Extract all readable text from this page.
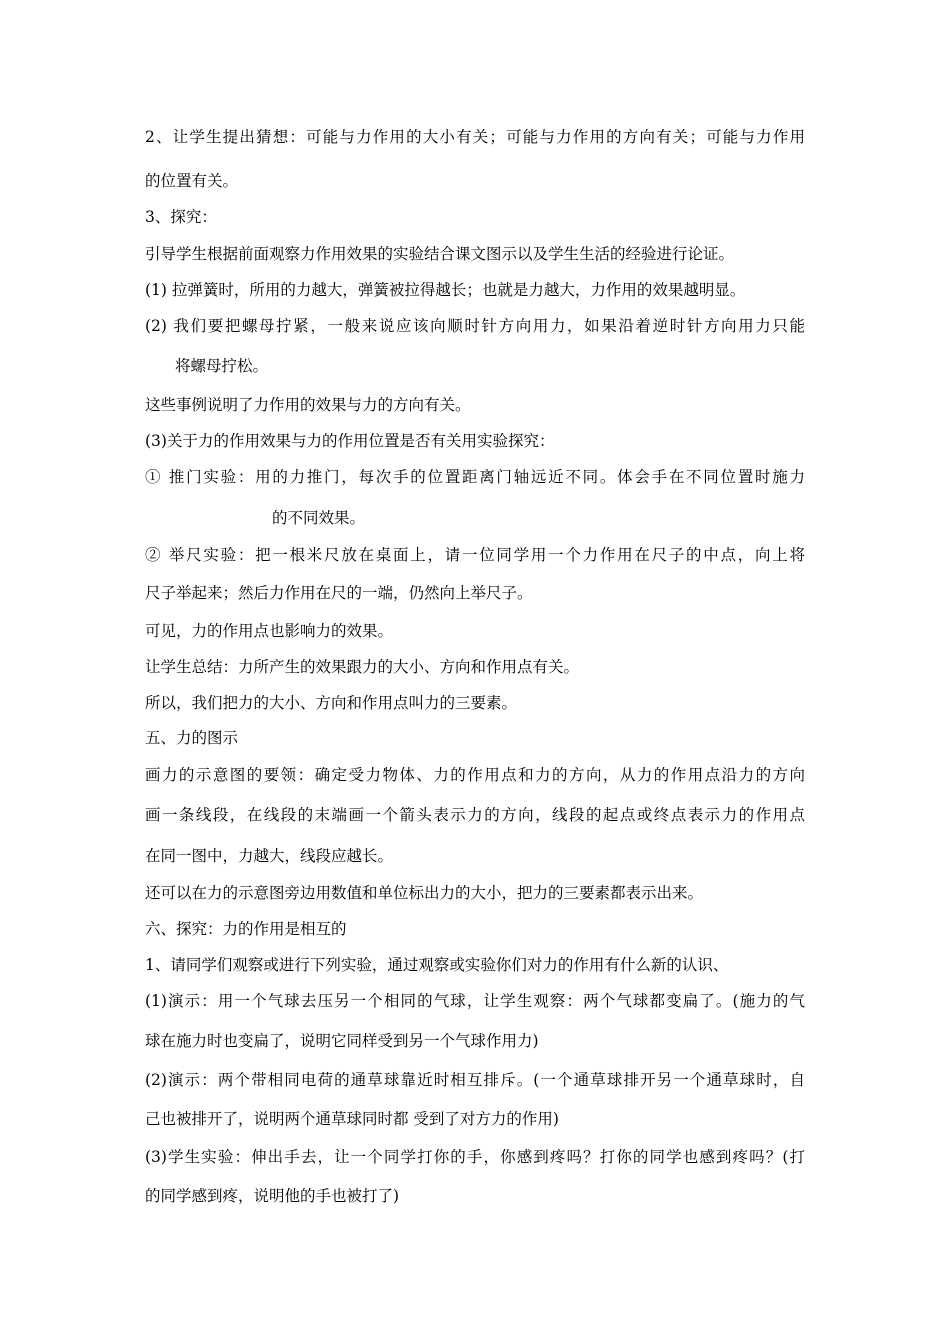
2、让学生提出猜想：可能与力作用的大小有关；可能与力作用的方向有关；可能与力作用
的位置有关。
3、探究：
引导学生根据前面观察力作用效果的实验结合课文图示以及学生生活的经验进行论证。
(1) 拉弹簧时，所用的力越大，弹簧被拉得越长；也就是力越大，力作用的效果越明显。
(2) 我们要把螺母拧紧，一般来说应该向顺时针方向用力，如果沿着逆时针方向用力只能
将螺母拧松。
这些事例说明了力作用的效果与力的方向有关。
(3)关于力的作用效果与力的作用位置是否有关用实验探究：
① 推门实验：用的力推门，每次手的位置距离门轴远近不同。体会手在不同位置时施力
的不同效果。
② 举尺实验：把一根米尺放在桌面上，请一位同学用一个力作用在尺子的中点，向上将
尺子举起来；然后力作用在尺的一端，仍然向上举尺子。
可见，力的作用点也影响力的效果。
让学生总结：力所产生的效果跟力的大小、方向和作用点有关。
所以，我们把力的大小、方向和作用点叫力的三要素。
五、力的图示
画力的示意图的要领：确定受力物体、力的作用点和力的方向，从力的作用点沿力的方向
画一条线段，在线段的末端画一个箭头表示力的方向，线段的起点或终点表示力的作用点
在同一图中，力越大，线段应越长。
还可以在力的示意图旁边用数值和单位标出力的大小，把力的三要素都表示出来。
六、探究：力的作用是相互的
1、请同学们观察或进行下列实验，通过观察或实验你们对力的作用有什么新的认识、
(1)演示：用一个气球去压另一个相同的气球，让学生观察：两个气球都变扁了。(施力的气
球在施力时也变扁了，说明它同样受到另一个气球作用力)
(2)演示：两个带相同电荷的通草球靠近时相互排斥。(一个通草球排开另一个通草球时，自
己也被排开了，说明两个通草球同时都 受到了对方力的作用)
(3)学生实验：伸出手去，让一个同学打你的手，你感到疼吗？打你的同学也感到疼吗？(打
的同学感到疼，说明他的手也被打了)
